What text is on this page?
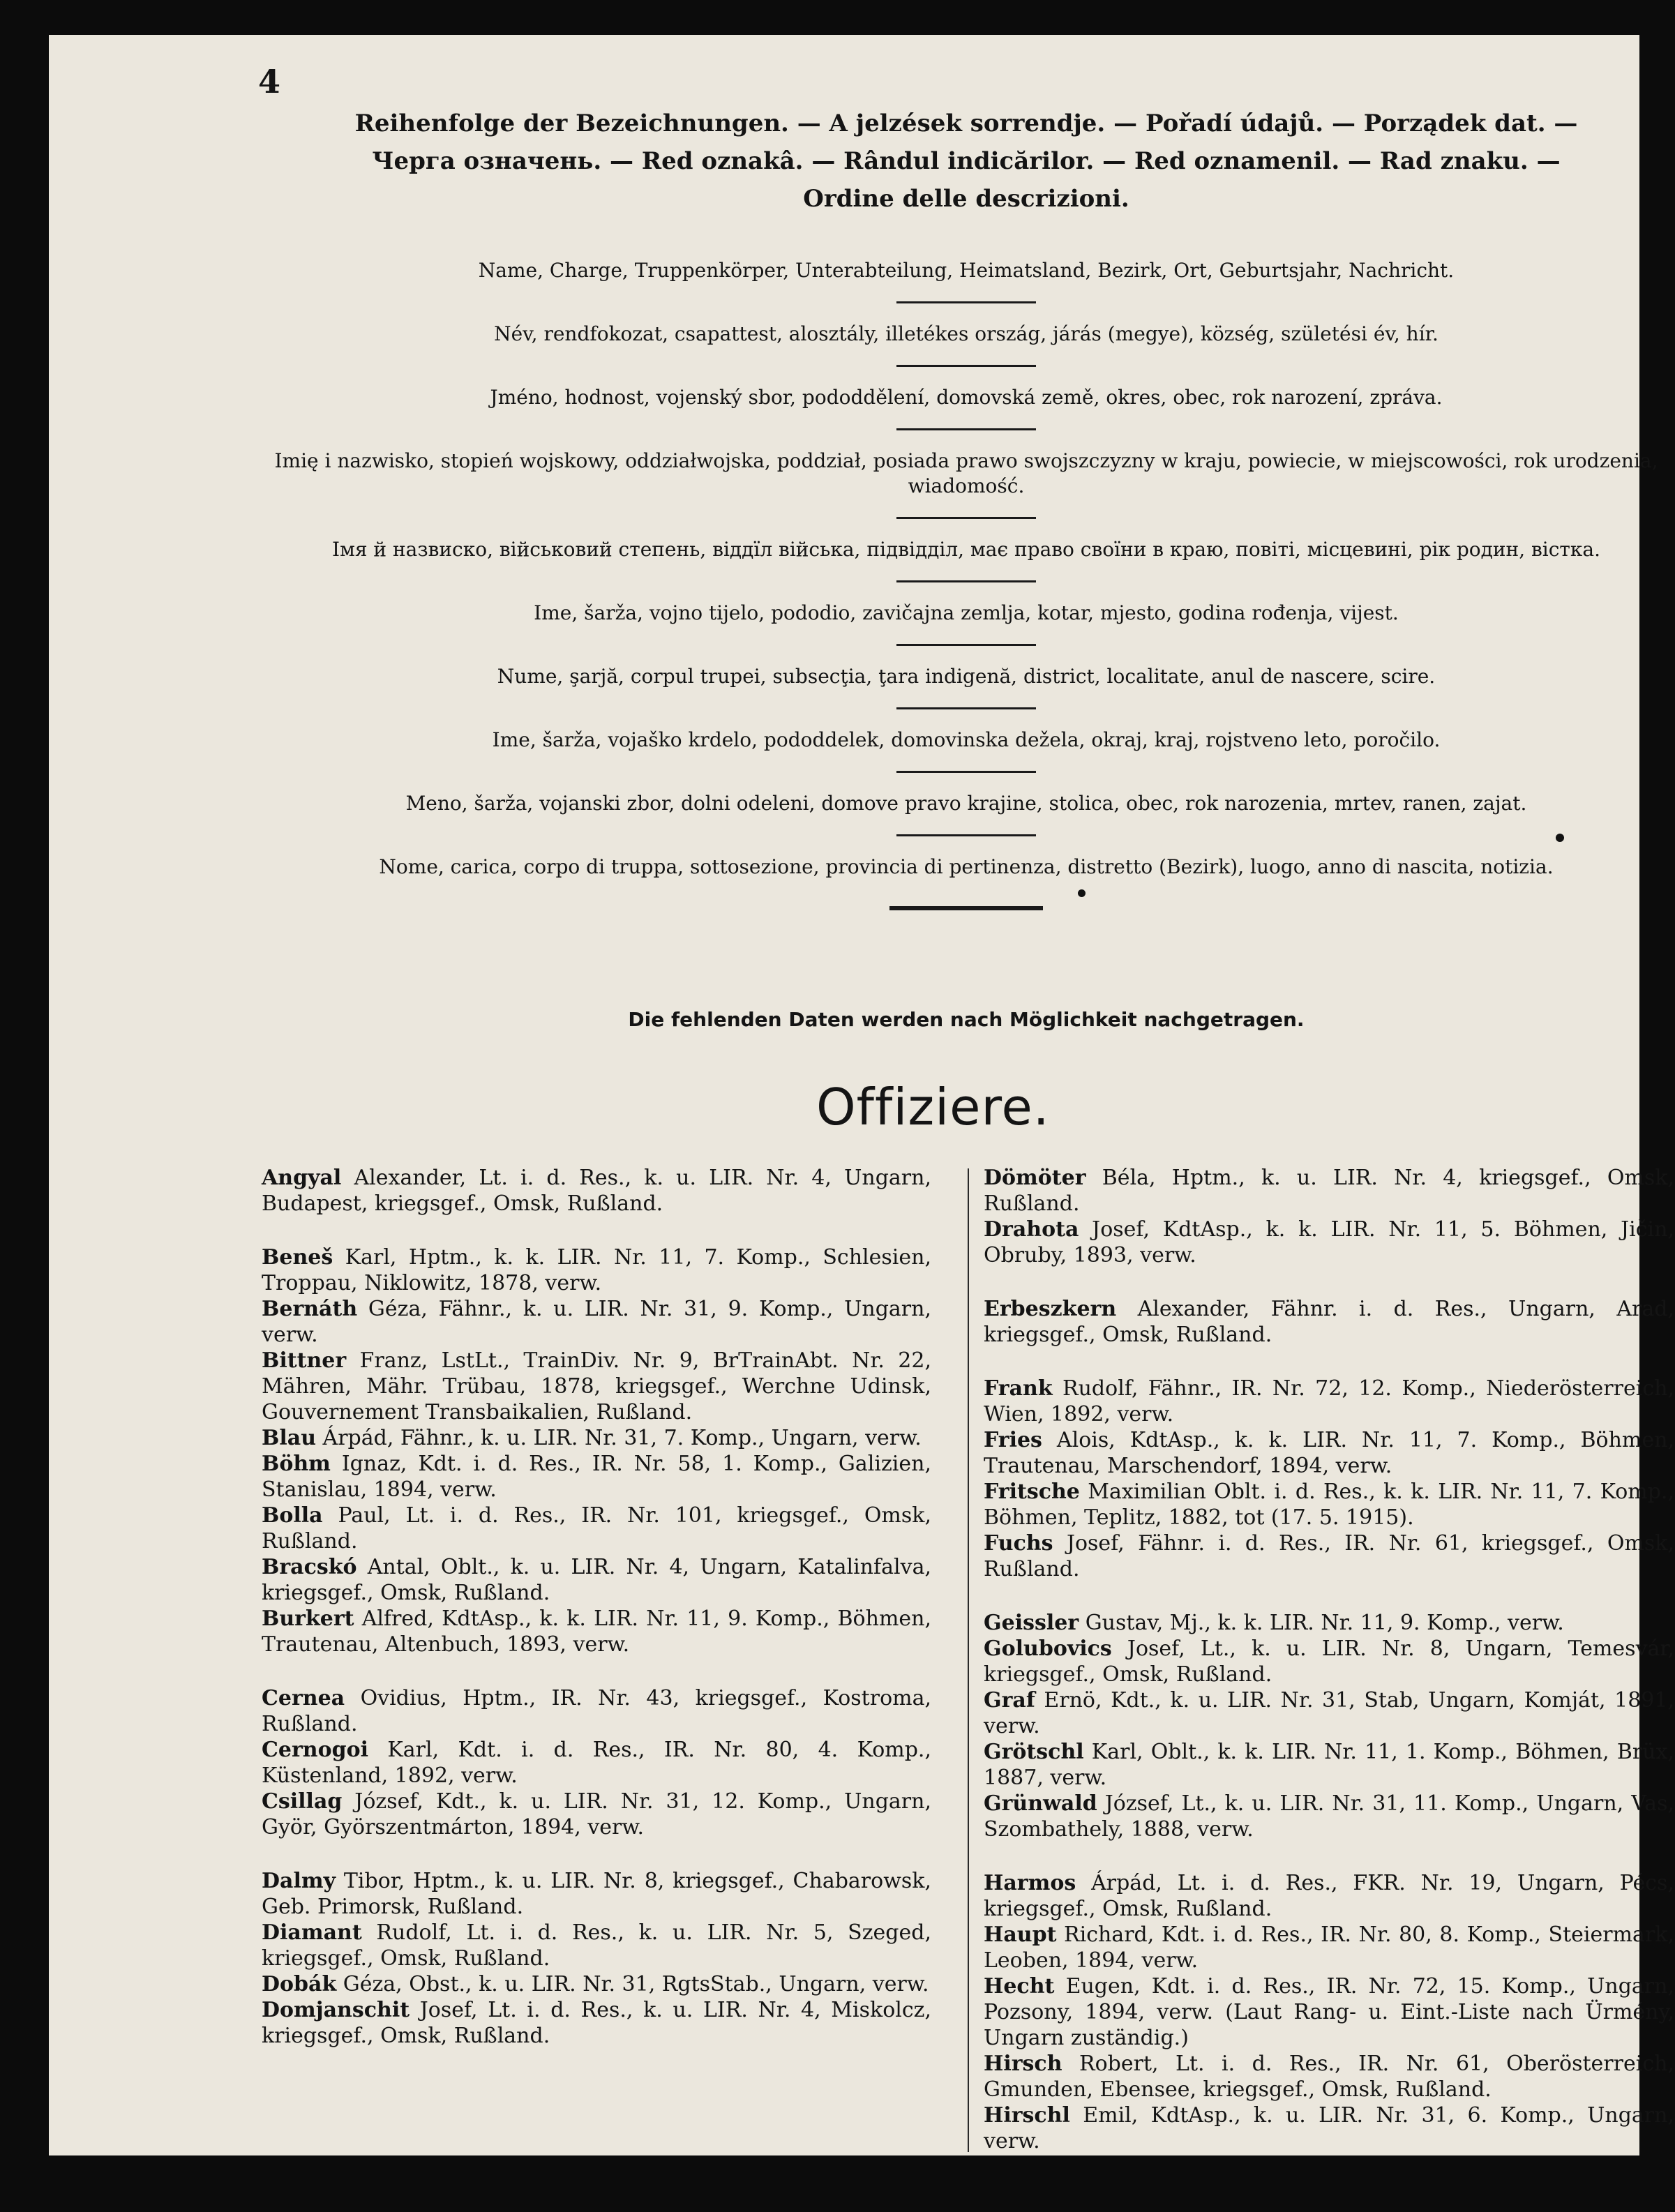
4

Reihenfolge der Bezeichnungen. — A jelzések sorrendje. — Pořadí údajů. — Porządek dat. —

Черга означень. — Red oznakâ. — Rândul indicărilor. — Red oznamenil. — Rad znaku. —

Ordine delle descrizioni.

Name, Charge, Truppenkörper, Unterabteilung, Heimatsland, Bezirk, Ort, Geburtsjahr, Nachricht.

Név, rendfokozat, csapattest, alosztály, illetékes ország, járás (megye), község, születési év, hír.

Jméno, hodnost, vojenský sbor, pododdělení, domovská země, okres, obec, rok narození, zpráva.

Imię i nazwisko, stopień wojskowy, oddziałwojska, poddział, posiada prawo swojszczyzny w kraju, powiecie, w miejscowości, rok urodzenia, wiadomość.

Імя й назвиско, військовий степень, віддїл війська, підвідділ, має право своїни в краю, повіті, місцевині, рік родин, вістка.

Ime, šarža, vojno tijelo, pododio, zavičajna zemlja, kotar, mjesto, godina rođenja, vijest.

Nume, şarjă, corpul trupei, subsecţia, ţara indigenă, district, localitate, anul de nascere, scire.

Ime, šarža, vojaško krdelo, pododdelek, domovinska dežela, okraj, kraj, rojstveno leto, poročilo.

Meno, šarža, vojanski zbor, dolni odeleni, domove pravo krajine, stolica, obec, rok narozenia, mrtev, ranen, zajat.

Nome, carica, corpo di truppa, sottosezione, provincia di pertinenza, distretto (Bezirk), luogo, anno di nascita, notizia.

Die fehlenden Daten werden nach Möglichkeit nachgetragen.
Offiziere.

Angyal Alexander, Lt. i. d. Res., k. u. LIR. Nr. 4, Ungarn, Budapest, kriegsgef., Omsk, Rußland.

Beneš Karl, Hptm., k. k. LIR. Nr. 11, 7. Komp., Schlesien, Troppau, Niklowitz, 1878, verw.

Bernáth Géza, Fähnr., k. u. LIR. Nr. 31, 9. Komp., Ungarn, verw.

Bittner Franz, LstLt., TrainDiv. Nr. 9, BrTrainAbt. Nr. 22, Mähren, Mähr. Trübau, 1878, kriegsgef., Werchne Udinsk, Gouvernement Transbaikalien, Rußland.

Blau Árpád, Fähnr., k. u. LIR. Nr. 31, 7. Komp., Ungarn, verw.

Böhm Ignaz, Kdt. i. d. Res., IR. Nr. 58, 1. Komp., Galizien, Stanislau, 1894, verw.

Bolla Paul, Lt. i. d. Res., IR. Nr. 101, kriegsgef., Omsk, Rußland.

Bracskó Antal, Oblt., k. u. LIR. Nr. 4, Ungarn, Katalinfalva, kriegsgef., Omsk, Rußland.

Burkert Alfred, KdtAsp., k. k. LIR. Nr. 11, 9. Komp., Böhmen, Trautenau, Altenbuch, 1893, verw.

Cernea Ovidius, Hptm., IR. Nr. 43, kriegsgef., Kostroma, Rußland.

Cernogoi Karl, Kdt. i. d. Res., IR. Nr. 80, 4. Komp., Küstenland, 1892, verw.

Csillag József, Kdt., k. u. LIR. Nr. 31, 12. Komp., Ungarn, Györ, Györszentmárton, 1894, verw.

Dalmy Tibor, Hptm., k. u. LIR. Nr. 8, kriegsgef., Chabarowsk, Geb. Primorsk, Rußland.

Diamant Rudolf, Lt. i. d. Res., k. u. LIR. Nr. 5, Szeged, kriegsgef., Omsk, Rußland.

Dobák Géza, Obst., k. u. LIR. Nr. 31, RgtsStab., Ungarn, verw.

Domjanschit Josef, Lt. i. d. Res., k. u. LIR. Nr. 4, Miskolcz, kriegsgef., Omsk, Rußland.

Dömöter Béla, Hptm., k. u. LIR. Nr. 4, kriegsgef., Omsk, Rußland.

Drahota Josef, KdtAsp., k. k. LIR. Nr. 11, 5. Böhmen, Jičin, Obruby, 1893, verw.

Erbeszkern Alexander, Fähnr. i. d. Res., Ungarn, Arad, kriegsgef., Omsk, Rußland.

Frank Rudolf, Fähnr., IR. Nr. 72, 12. Komp., Niederösterreich, Wien, 1892, verw.

Fries Alois, KdtAsp., k. k. LIR. Nr. 11, 7. Komp., Böhmen, Trautenau, Marschendorf, 1894, verw.

Fritsche Maximilian Oblt. i. d. Res., k. k. LIR. Nr. 11, 7. Komp., Böhmen, Teplitz, 1882, tot (17. 5. 1915).

Fuchs Josef, Fähnr. i. d. Res., IR. Nr. 61, kriegsgef., Omsk, Rußland.

Geissler Gustav, Mj., k. k. LIR. Nr. 11, 9. Komp., verw.

Golubovics Josef, Lt., k. u. LIR. Nr. 8, Ungarn, Temesvár, kriegsgef., Omsk, Rußland.

Graf Ernö, Kdt., k. u. LIR. Nr. 31, Stab, Ungarn, Komját, 1891, verw.

Grötschl Karl, Oblt., k. k. LIR. Nr. 11, 1. Komp., Böhmen, Brüx, 1887, verw.

Grünwald József, Lt., k. u. LIR. Nr. 31, 11. Komp., Ungarn, Vas, Szombathely, 1888, verw.

Harmos Árpád, Lt. i. d. Res., FKR. Nr. 19, Ungarn, Pécs, kriegsgef., Omsk, Rußland.

Haupt Richard, Kdt. i. d. Res., IR. Nr. 80, 8. Komp., Steiermark, Leoben, 1894, verw.

Hecht Eugen, Kdt. i. d. Res., IR. Nr. 72, 15. Komp., Ungarn, Pozsony, 1894, verw. (Laut Rang- u. Eint.-Liste nach Ürmény, Ungarn zuständig.)

Hirsch Robert, Lt. i. d. Res., IR. Nr. 61, Oberösterreich, Gmunden, Ebensee, kriegsgef., Omsk, Rußland.

Hirschl Emil, KdtAsp., k. u. LIR. Nr. 31, 6. Komp., Ungarn, verw.
